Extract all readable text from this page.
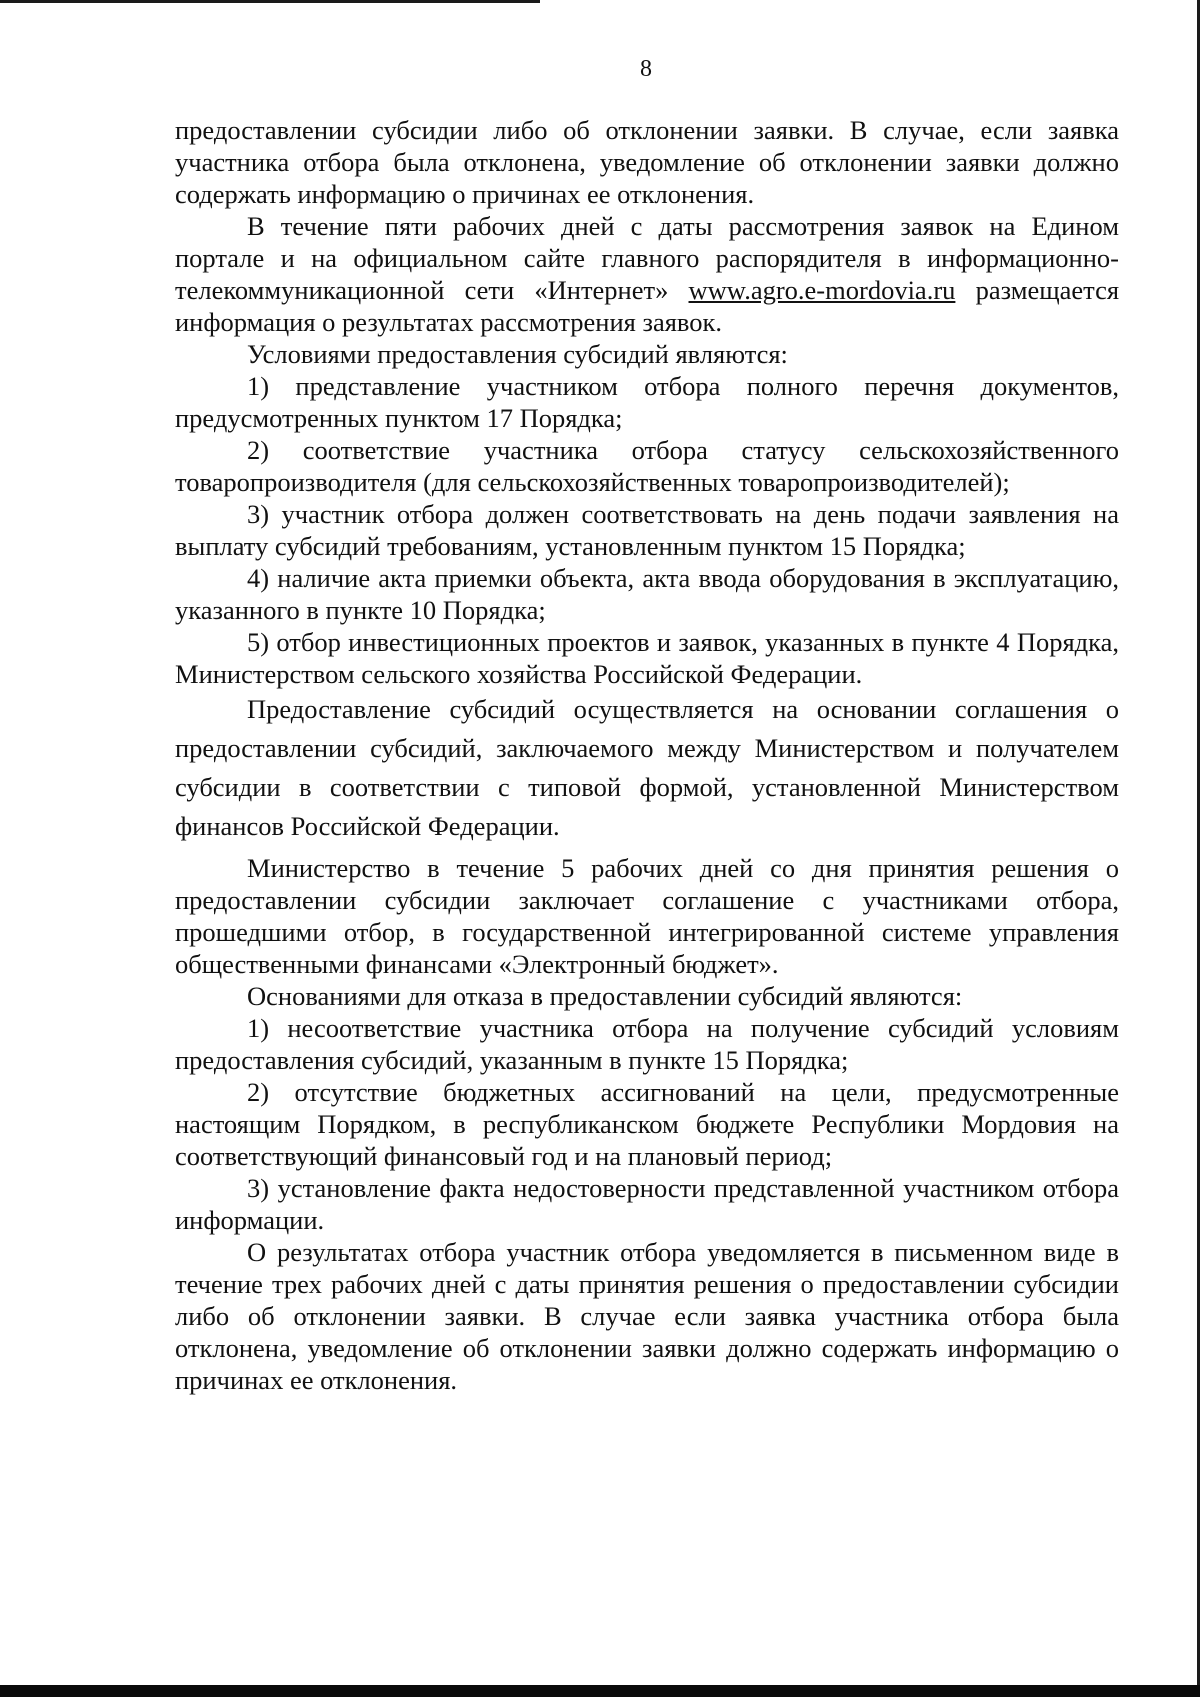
8

предоставлении субсидии либо об отклонении заявки. В случае, если заявка участника отбора была отклонена, уведомление об отклонении заявки должно содержать информацию о причинах ее отклонения.

В течение пяти рабочих дней с даты рассмотрения заявок на Едином портале и на официальном сайте главного распорядителя в информационно-телекоммуникационной сети «Интернет» www.agro.e-mordovia.ru размещается информация о результатах рассмотрения заявок.

Условиями предоставления субсидий являются:

1) представление участником отбора полного перечня документов, предусмотренных пунктом 17 Порядка;

2) соответствие участника отбора статусу сельскохозяйственного товаропроизводителя (для сельскохозяйственных товаропроизводителей);

3) участник отбора должен соответствовать на день подачи заявления на выплату субсидий требованиям, установленным пунктом 15 Порядка;

4) наличие акта приемки объекта, акта ввода оборудования в эксплуатацию, указанного в пункте 10 Порядка;

5) отбор инвестиционных проектов и заявок, указанных в пункте 4 Порядка, Министерством сельского хозяйства Российской Федерации.

Предоставление субсидий осуществляется на основании соглашения о предоставлении субсидий, заключаемого между Министерством и получателем субсидии в соответствии с типовой формой, установленной Министерством финансов Российской Федерации.

Министерство в течение 5 рабочих дней со дня принятия решения о предоставлении субсидии заключает соглашение с участниками отбора, прошедшими отбор, в государственной интегрированной системе управления общественными финансами «Электронный бюджет».

Основаниями для отказа в предоставлении субсидий являются:

1) несоответствие участника отбора на получение субсидий условиям предоставления субсидий, указанным в пункте 15 Порядка;

2) отсутствие бюджетных ассигнований на цели, предусмотренные настоящим Порядком, в республиканском бюджете Республики Мордовия на соответствующий финансовый год и на плановый период;

3) установление факта недостоверности представленной участником отбора информации.

О результатах отбора участник отбора уведомляется в письменном виде в течение трех рабочих дней с даты принятия решения о предоставлении субсидии либо об отклонении заявки. В случае если заявка участника отбора была отклонена, уведомление об отклонении заявки должно содержать информацию о причинах ее отклонения.
